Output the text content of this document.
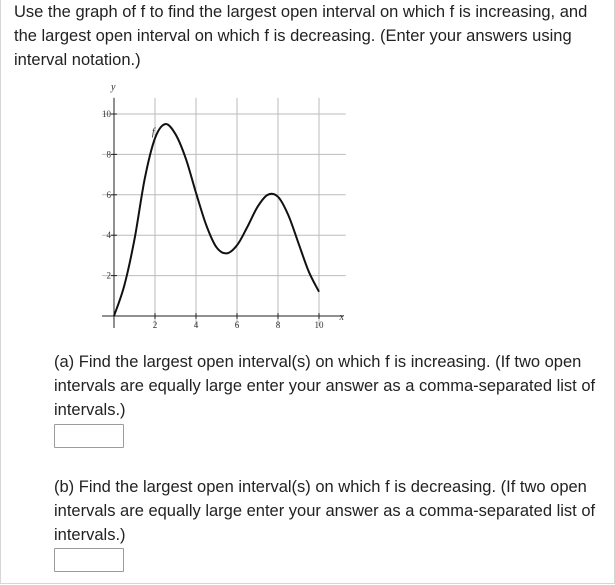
Use the graph of f to find the largest open interval on which f is increasing, and the largest open interval on which f is decreasing. (Enter your answers using interval notation.)

2	4	6	8	10
2
4
6
8
10
f
x
y

(a) Find the largest open interval(s) on which f is increasing. (If two open intervals are equally large enter your answer as a comma-separated list of intervals.)

(b) Find the largest open interval(s) on which f is decreasing. (If two open intervals are equally large enter your answer as a comma-separated list of intervals.)
